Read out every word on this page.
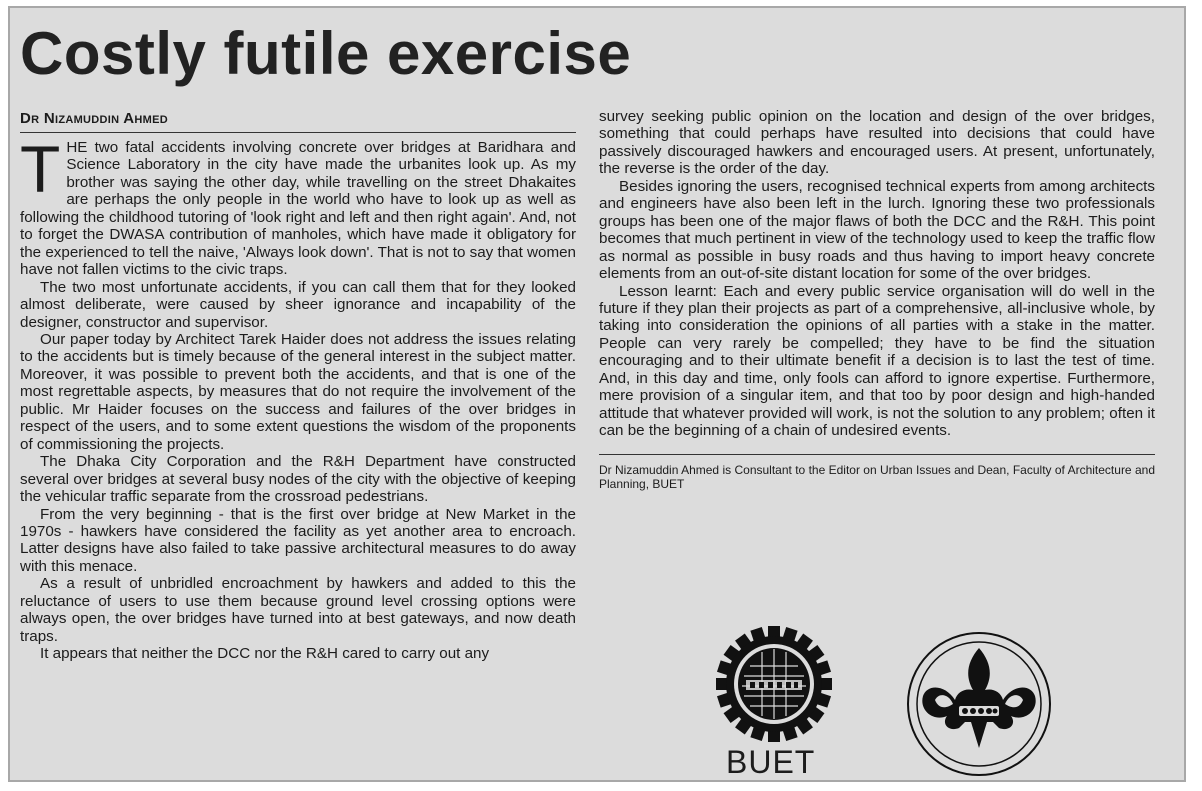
Costly futile exercise
Dr Nizamuddin Ahmed

THE two fatal accidents involving concrete over bridges at Baridhara and Science Laboratory in the city have made the urbanites look up. As my brother was saying the other day, while travelling on the street Dhakaites are perhaps the only people in the world who have to look up as well as following the childhood tutoring of 'look right and left and then right again'. And, not to forget the DWASA contribution of manholes, which have made it obligatory for the experienced to tell the naive, 'Always look down'. That is not to say that women have not fallen victims to the civic traps.

The two most unfortunate accidents, if you can call them that for they looked almost deliberate, were caused by sheer ignorance and incapability of the designer, constructor and supervisor.

Our paper today by Architect Tarek Haider does not address the issues relating to the accidents but is timely because of the general interest in the subject matter. Moreover, it was possible to prevent both the accidents, and that is one of the most regrettable aspects, by measures that do not require the involvement of the public. Mr Haider focuses on the success and failures of the over bridges in respect of the users, and to some extent questions the wisdom of the proponents of commissioning the projects.

The Dhaka City Corporation and the R&H Department have constructed several over bridges at several busy nodes of the city with the objective of keeping the vehicular traffic separate from the crossroad pedestrians.

From the very beginning - that is the first over bridge at New Market in the 1970s - hawkers have considered the facility as yet another area to encroach. Latter designs have also failed to take passive architectural measures to do away with this menace.

As a result of unbridled encroachment by hawkers and added to this the reluctance of users to use them because ground level crossing options were always open, the over bridges have turned into at best gateways, and now death traps.

It appears that neither the DCC nor the R&H cared to carry out any

survey seeking public opinion on the location and design of the over bridges, something that could perhaps have resulted into decisions that could have passively discouraged hawkers and encouraged users. At present, unfortunately, the reverse is the order of the day.

Besides ignoring the users, recognised technical experts from among architects and engineers have also been left in the lurch. Ignoring these two professionals groups has been one of the major flaws of both the DCC and the R&H. This point becomes that much pertinent in view of the technology used to keep the traffic flow as normal as possible in busy roads and thus having to import heavy concrete elements from an out-of-site distant location for some of the over bridges.

Lesson learnt: Each and every public service organisation will do well in the future if they plan their projects as part of a comprehensive, all-inclusive whole, by taking into consideration the opinions of all parties with a stake in the matter. People can very rarely be compelled; they have to be find the situation encouraging and to their ultimate benefit if a decision is to last the test of time. And, in this day and time, only fools can afford to ignore expertise. Furthermore, mere provision of a singular item, and that too by poor design and high-handed attitude that whatever provided will work, is not the solution to any problem; often it can be the beginning of a chain of undesired events.

Dr Nizamuddin Ahmed is Consultant to the Editor on Urban Issues and Dean, Faculty of Architecture and Planning, BUET

BUET
